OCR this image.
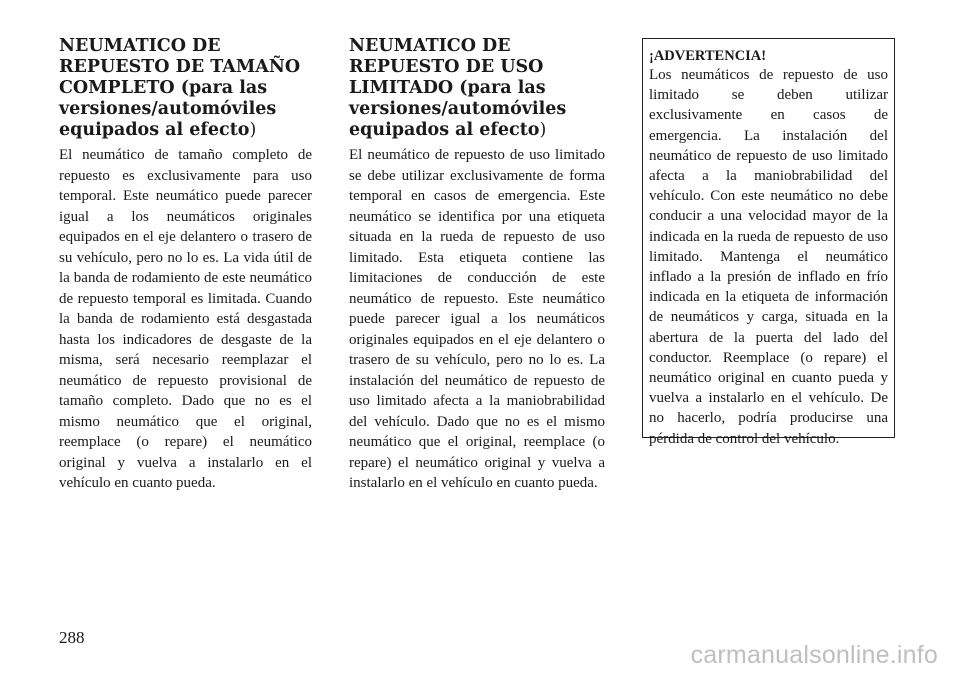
NEUMATICO DE REPUESTO DE TAMAÑO COMPLETO (para las versiones/automóviles equipados al efecto)

El neumático de tamaño completo de repuesto es exclusivamente para uso temporal. Este neumático puede parecer igual a los neumáticos originales equipados en el eje delantero o trasero de su vehículo, pero no lo es. La vida útil de la banda de rodamiento de este neumático de repuesto temporal es limitada. Cuando la banda de rodamiento está desgastada hasta los indicadores de desgaste de la misma, será necesario reemplazar el neumático de repuesto provisional de tamaño completo. Dado que no es el mismo neumático que el original, reemplace (o repare) el neumático original y vuelva a instalarlo en el vehículo en cuanto pueda.

NEUMATICO DE REPUESTO DE USO LIMITADO (para las versiones/automóviles equipados al efecto)

El neumático de repuesto de uso limitado se debe utilizar exclusivamente de forma temporal en casos de emergencia. Este neumático se identifica por una etiqueta situada en la rueda de repuesto de uso limitado. Esta etiqueta contiene las limitaciones de conducción de este neumático de repuesto. Este neumático puede parecer igual a los neumáticos originales equipados en el eje delantero o trasero de su vehículo, pero no lo es. La instalación del neumático de repuesto de uso limitado afecta a la maniobrabilidad del vehículo. Dado que no es el mismo neumático que el original, reemplace (o repare) el neumático original y vuelva a instalarlo en el vehículo en cuanto pueda.

¡ADVERTENCIA!

Los neumáticos de repuesto de uso limitado se deben utilizar exclusivamente en casos de emergencia. La instalación del neumático de repuesto de uso limitado afecta a la maniobrabilidad del vehículo. Con este neumático no debe conducir a una velocidad mayor de la indicada en la rueda de repuesto de uso limitado. Mantenga el neumático inflado a la presión de inflado en frío indicada en la etiqueta de información de neumáticos y carga, situada en la abertura de la puerta del lado del conductor. Reemplace (o repare) el neumático original en cuanto pueda y vuelva a instalarlo en el vehículo. De no hacerlo, podría producirse una pérdida de control del vehículo.

288
carmanualsonline.info
